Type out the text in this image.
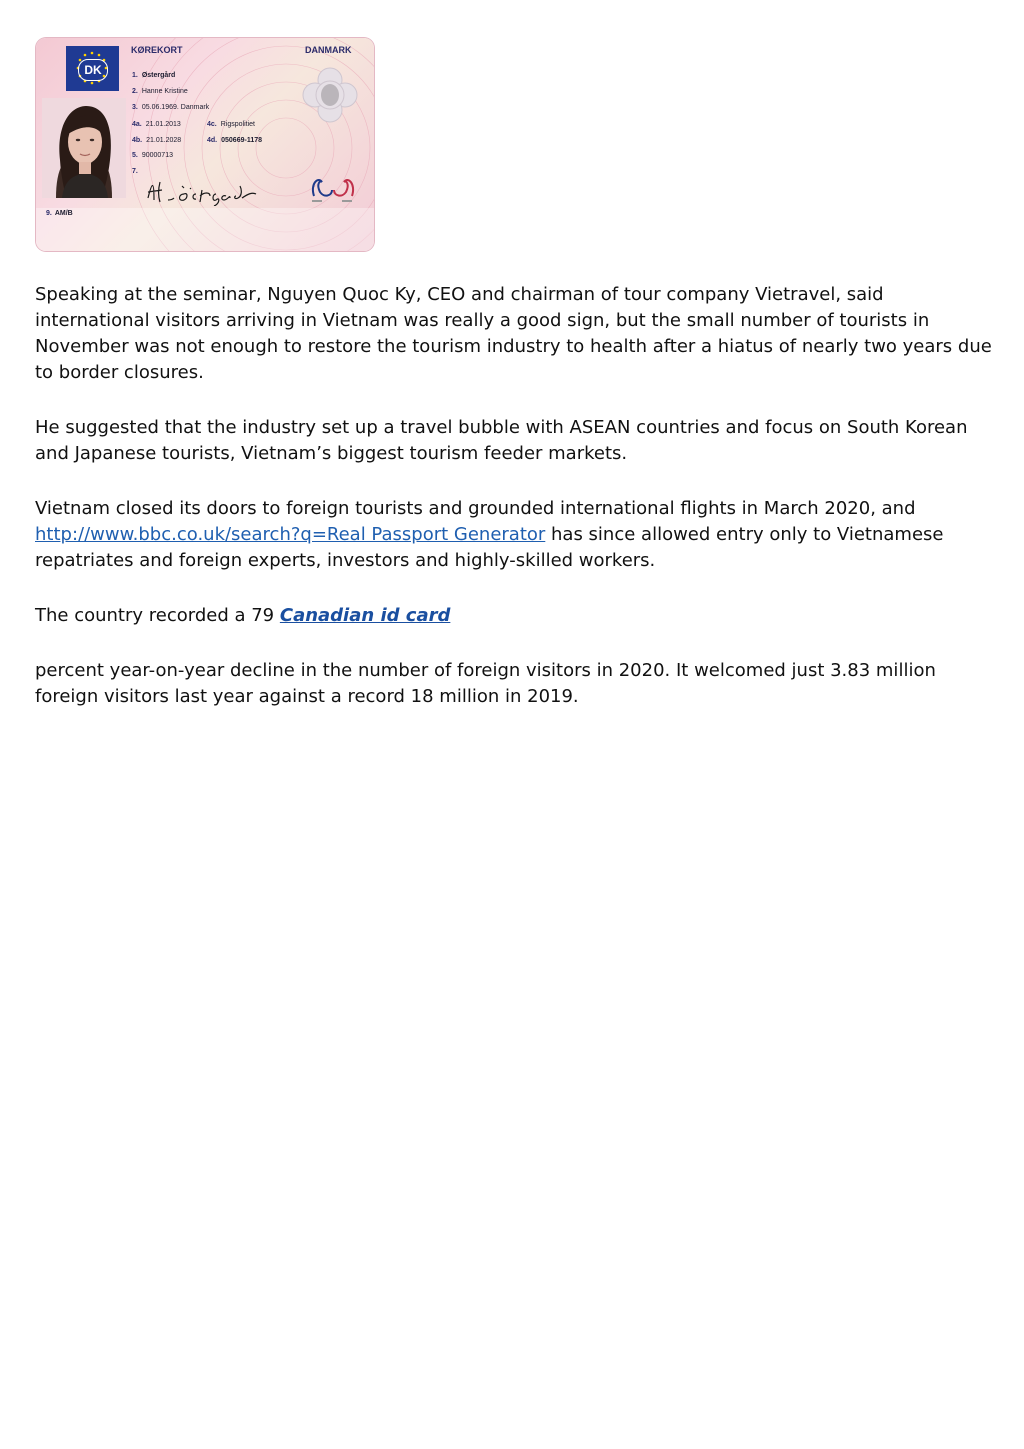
DK
KØREKORT	DANMARK
1. Østergård
2. Hanne Kristine
3. 05.06.1969. Danmark
4a. 21.01.2013	4c. Rigspolitiet
4b. 21.01.2028	4d. 050669-1178
5. 90000713
7.
9. AM/B

Speaking at the seminar, Nguyen Quoc Ky, CEO and chairman of tour company Vietravel, said international visitors arriving in Vietnam was really a good sign, but the small number of tourists in November was not enough to restore the tourism industry to health after a hiatus of nearly two years due to border closures.

He suggested that the industry set up a travel bubble with ASEAN countries and focus on South Korean and Japanese tourists, Vietnam’s biggest tourism feeder markets.

Vietnam closed its doors to foreign tourists and grounded international flights in March 2020, and http://www.bbc.co.uk/search?q=Real Passport Generator has since allowed entry only to Vietnamese repatriates and foreign experts, investors and highly-skilled workers.

The country recorded a 79 Canadian id card

percent year-on-year decline in the number of foreign visitors in 2020. It welcomed just 3.83 million foreign visitors last year against a record 18 million in 2019.
